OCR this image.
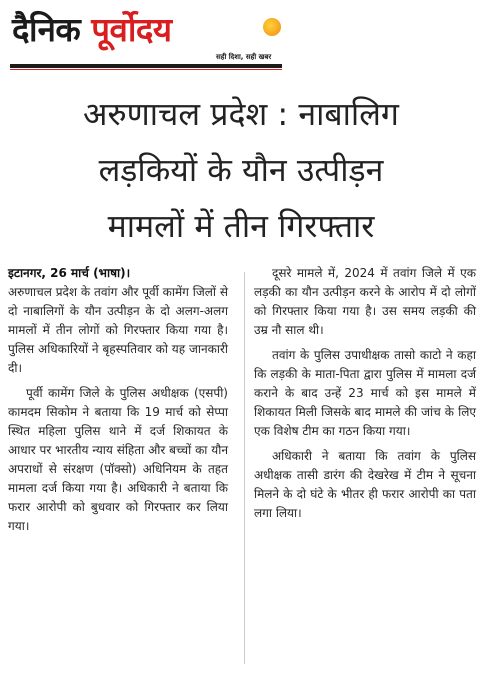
दैनिक पूर्वोदय
सही दिशा, सही खबर
अरुणाचल प्रदेश : नाबालिग
लड़कियों के यौन उत्पीड़न
मामलों में तीन गिरफ्तार

इटानगर, 26 मार्च (भाषा)।
अरुणाचल प्रदेश के तवांग और पूर्वी कामेंग जिलों से दो नाबालिगों के यौन उत्पीड़न के दो अलग-अलग मामलों में तीन लोगों को गिरफ्तार किया गया है। पुलिस अधिकारियों ने बृहस्पतिवार को यह जानकारी दी।

पूर्वी कामेंग जिले के पुलिस अधीक्षक (एसपी) कामदम सिकोम ने बताया कि 19 मार्च को सेप्पा स्थित महिला पुलिस थाने में दर्ज शिकायत के आधार पर भारतीय न्याय संहिता और बच्चों का यौन अपराधों से संरक्षण (पॉक्सो) अधिनियम के तहत मामला दर्ज किया गया है। अधिकारी ने बताया कि फरार आरोपी को बुधवार को गिरफ्तार कर लिया गया।

दूसरे मामले में, 2024 में तवांग जिले में एक लड़की का यौन उत्पीड़न करने के आरोप में दो लोगों को गिरफ्तार किया गया है। उस समय लड़की की उम्र नौ साल थी।

तवांग के पुलिस उपाधीक्षक तासो काटो ने कहा कि लड़की के माता-पिता द्वारा पुलिस में मामला दर्ज कराने के बाद उन्हें 23 मार्च को इस मामले में शिकायत मिली जिसके बाद मामले की जांच के लिए एक विशेष टीम का गठन किया गया।

अधिकारी ने बताया कि तवांग के पुलिस अधीक्षक तासी डारंग की देखरेख में टीम ने सूचना मिलने के दो घंटे के भीतर ही फरार आरोपी का पता लगा लिया।
